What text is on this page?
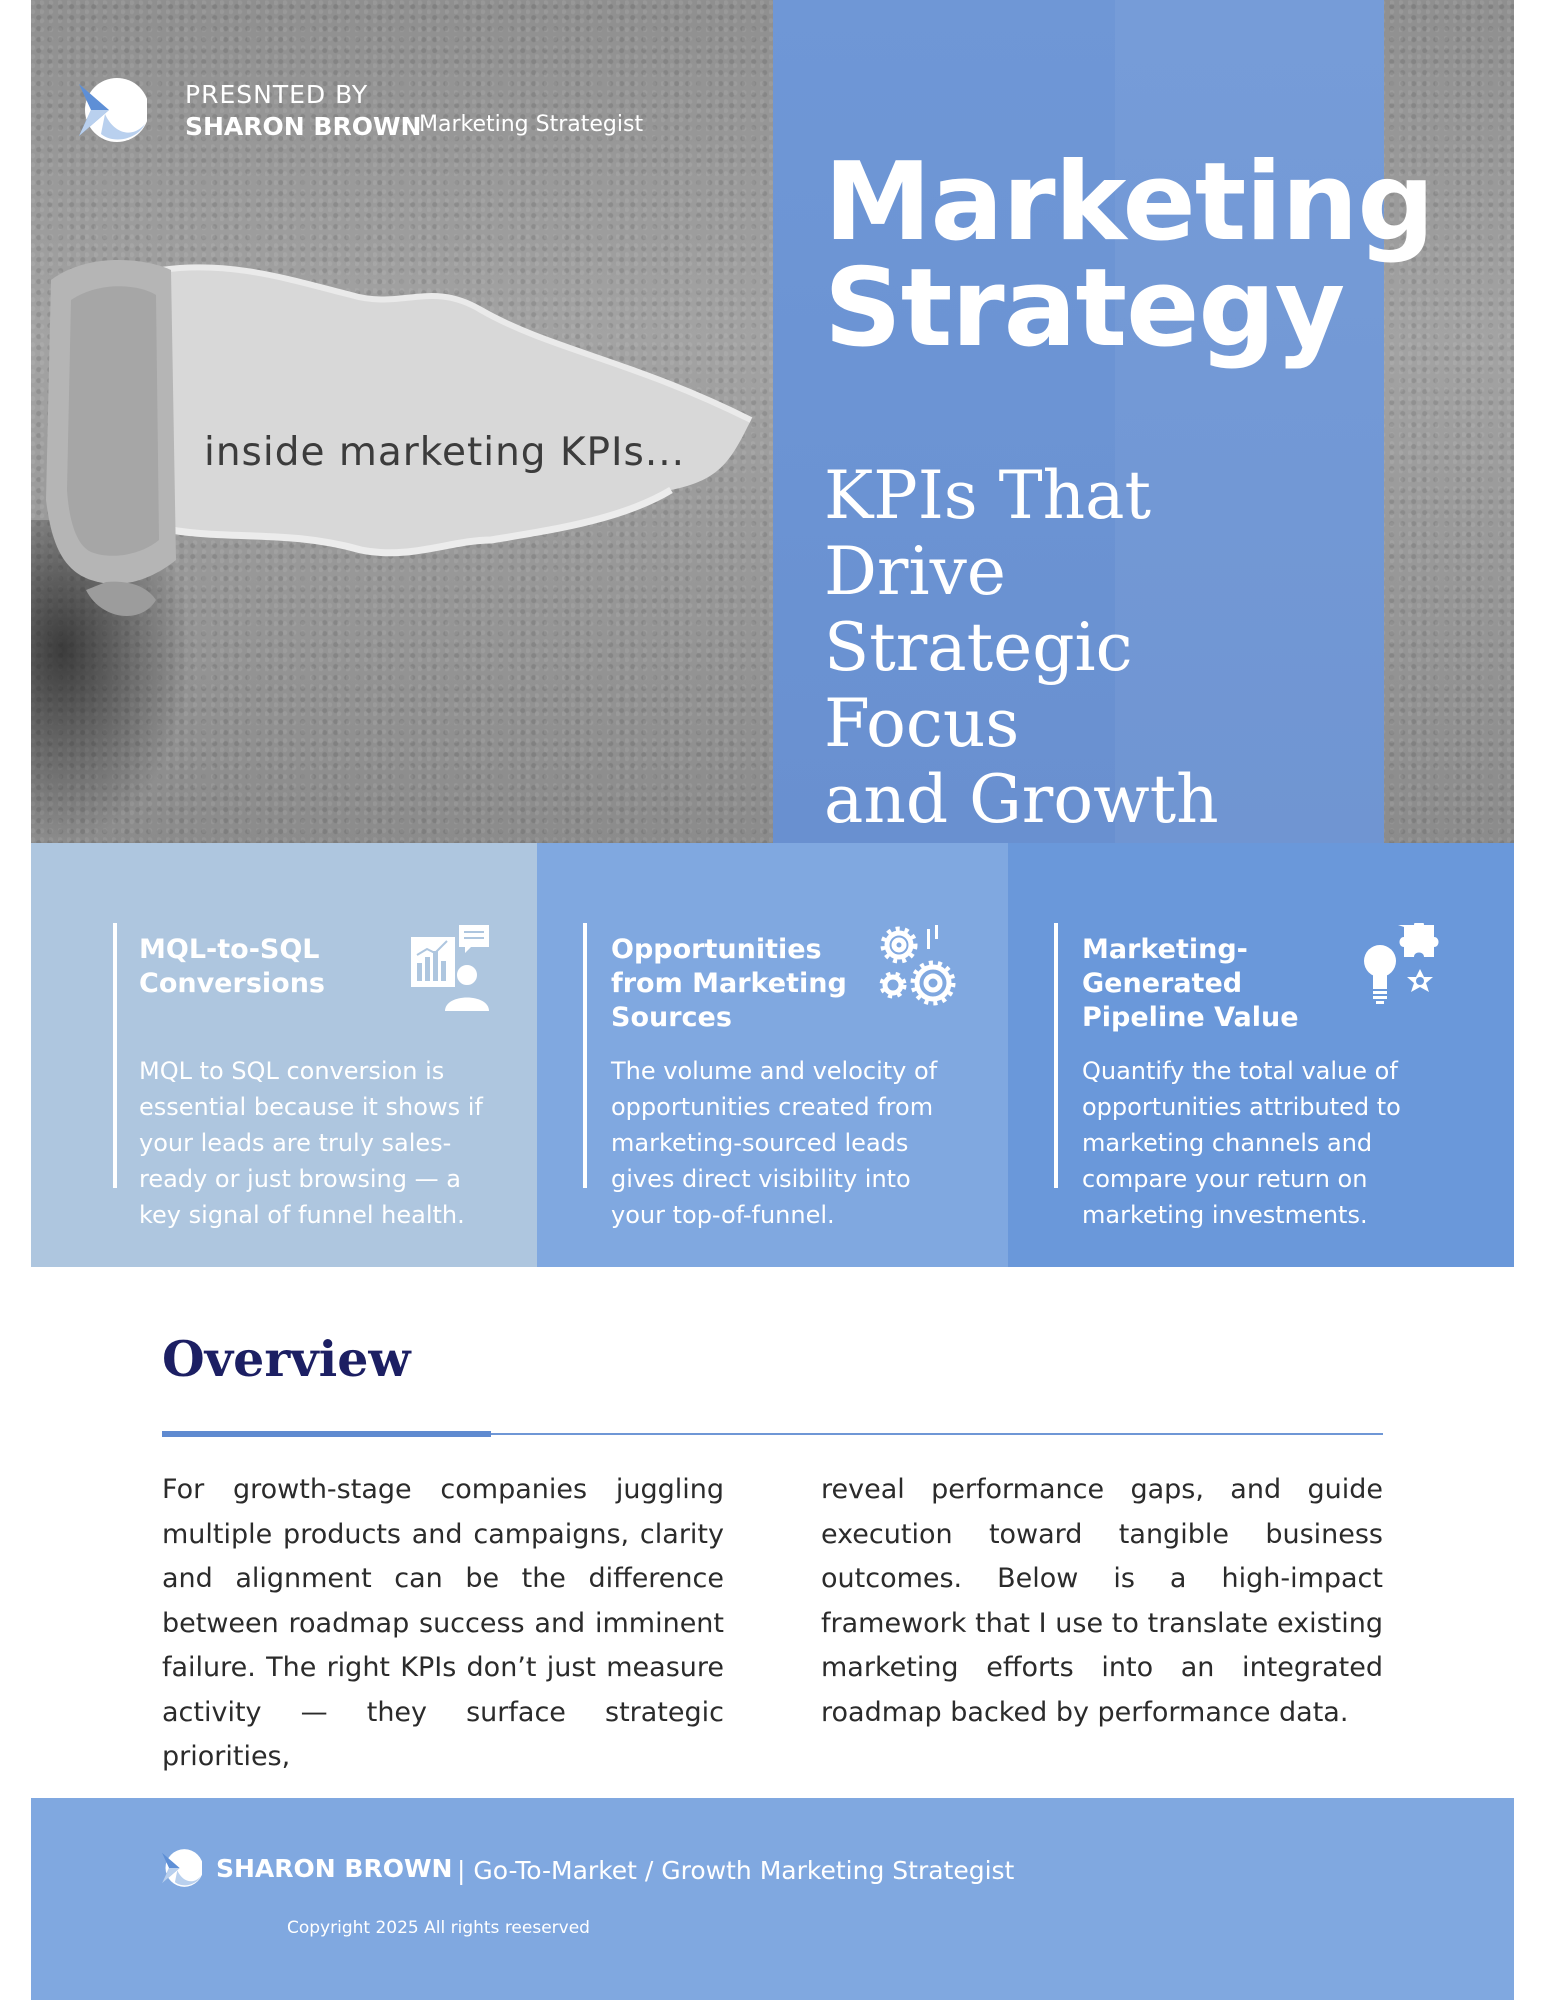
inside marketing KPIs...
Marketing
Strategy
KPIs That Drive
Strategic Focus
and Growth
PRESNTED BY
SHARON BROWN
Marketing Strategist
MQL-to-SQL Conversions
MQL to SQL conversion is essential because it shows if your leads are truly sales-ready or just browsing — a key signal of funnel health.
Opportunities from Marketing Sources
The volume and velocity of opportunities created from marketing-sourced leads gives direct visibility into your top-of-funnel.
Marketing-Generated Pipeline Value
Quantify the total value of opportunities attributed to marketing channels and compare your return on marketing investments.
Overview
For growth-stage companies juggling multiple products and campaigns, clarity and alignment can be the difference between roadmap success and imminent failure. The right KPIs don’t just measure activity — they surface strategic priorities,
reveal performance gaps, and guide execution toward tangible business outcomes. Below is a high-impact framework that I use to translate existing marketing efforts into an integrated roadmap backed by performance data.
SHARON BROWN | Go-To-Market / Growth Marketing Strategist
Copyright 2025 All rights reeserved
